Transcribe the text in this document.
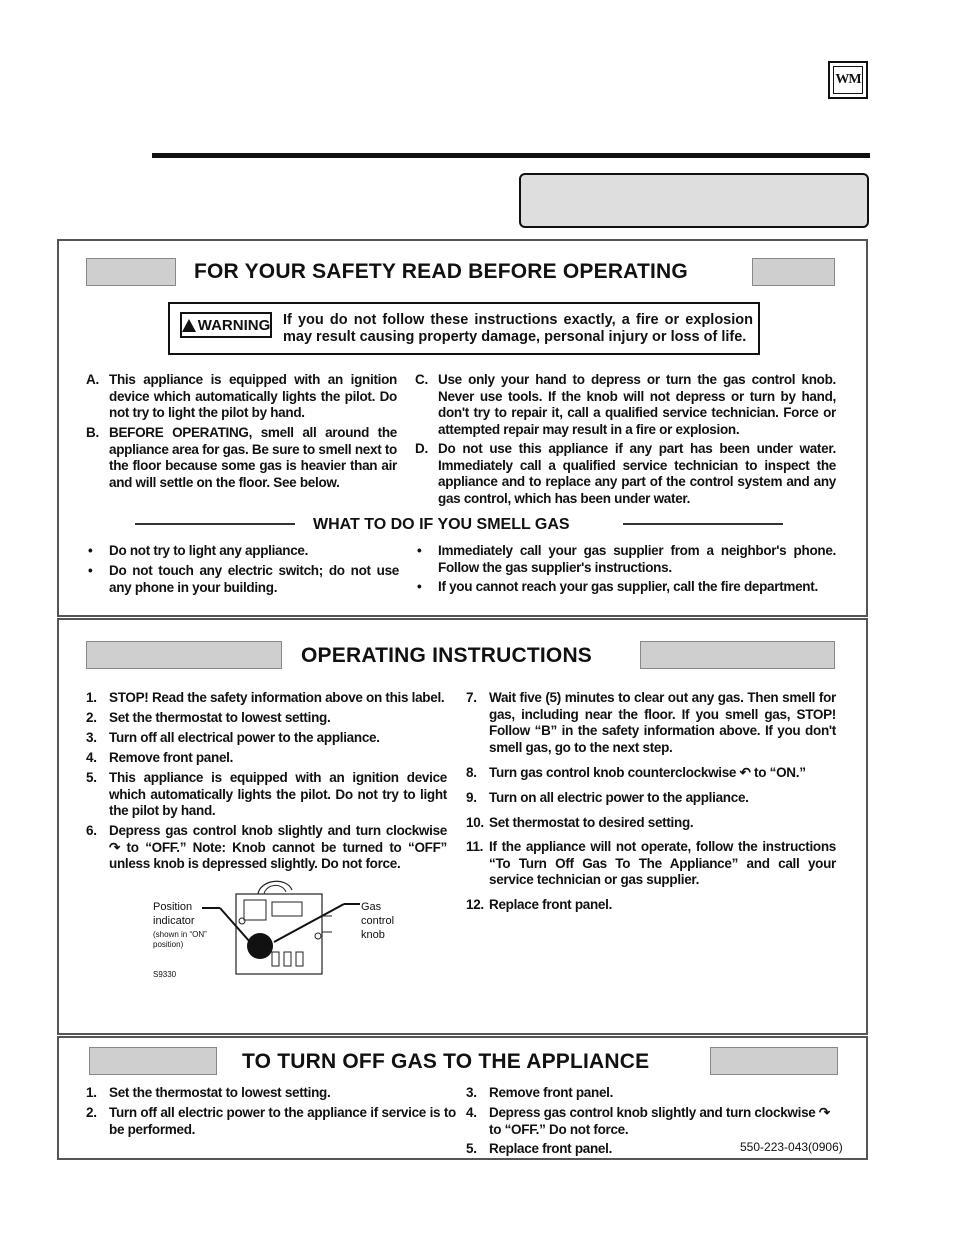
WM
FOR YOUR SAFETY READ BEFORE OPERATING
WARNING If you do not follow these instructions exactly, a fire or explosion may result causing property damage, personal injury or loss of life.
A. This appliance is equipped with an ignition device which automatically lights the pilot. Do not try to light the pilot by hand.
B. BEFORE OPERATING, smell all around the appliance area for gas. Be sure to smell next to the floor because some gas is heavier than air and will settle on the floor. See below.
C. Use only your hand to depress or turn the gas control knob. Never use tools. If the knob will not depress or turn by hand, don't try to repair it, call a qualified service technician. Force or attempted repair may result in a fire or explosion.
D. Do not use this appliance if any part has been under water. Immediately call a qualified service technician to inspect the appliance and to replace any part of the control system and any gas control, which has been under water.
WHAT TO DO IF YOU SMELL GAS
• Do not try to light any appliance.
• Do not touch any electric switch; do not use any phone in your building.
• Immediately call your gas supplier from a neighbor's phone. Follow the gas supplier's instructions.
• If you cannot reach your gas supplier, call the fire department.
OPERATING INSTRUCTIONS
1. STOP! Read the safety information above on this label.
2. Set the thermostat to lowest setting.
3. Turn off all electrical power to the appliance.
4. Remove front panel.
5. This appliance is equipped with an ignition device which automatically lights the pilot. Do not try to light the pilot by hand.
6. Depress gas control knob slightly and turn clockwise ↷ to “OFF.” Note: Knob cannot be turned to “OFF” unless knob is depressed slightly. Do not force.
7. Wait five (5) minutes to clear out any gas. Then smell for gas, including near the floor. If you smell gas, STOP! Follow “B” in the safety information above. If you don't smell gas, go to the next step.
8. Turn gas control knob counterclockwise ↶ to “ON.”
9. Turn on all electric power to the appliance.
10. Set thermostat to desired setting.
11. If the appliance will not operate, follow the instructions “To Turn Off Gas To The Appliance” and call your service technician or gas supplier.
12. Replace front panel.
Position indicator
(shown in “ON” position)
Gas control knob
S9330
TO TURN OFF GAS TO THE APPLIANCE
1. Set the thermostat to lowest setting.
2. Turn off all electric power to the appliance if service is to be performed.
3. Remove front panel.
4. Depress gas control knob slightly and turn clockwise ↷ to “OFF.” Do not force.
5. Replace front panel.	550-223-043(0906)
